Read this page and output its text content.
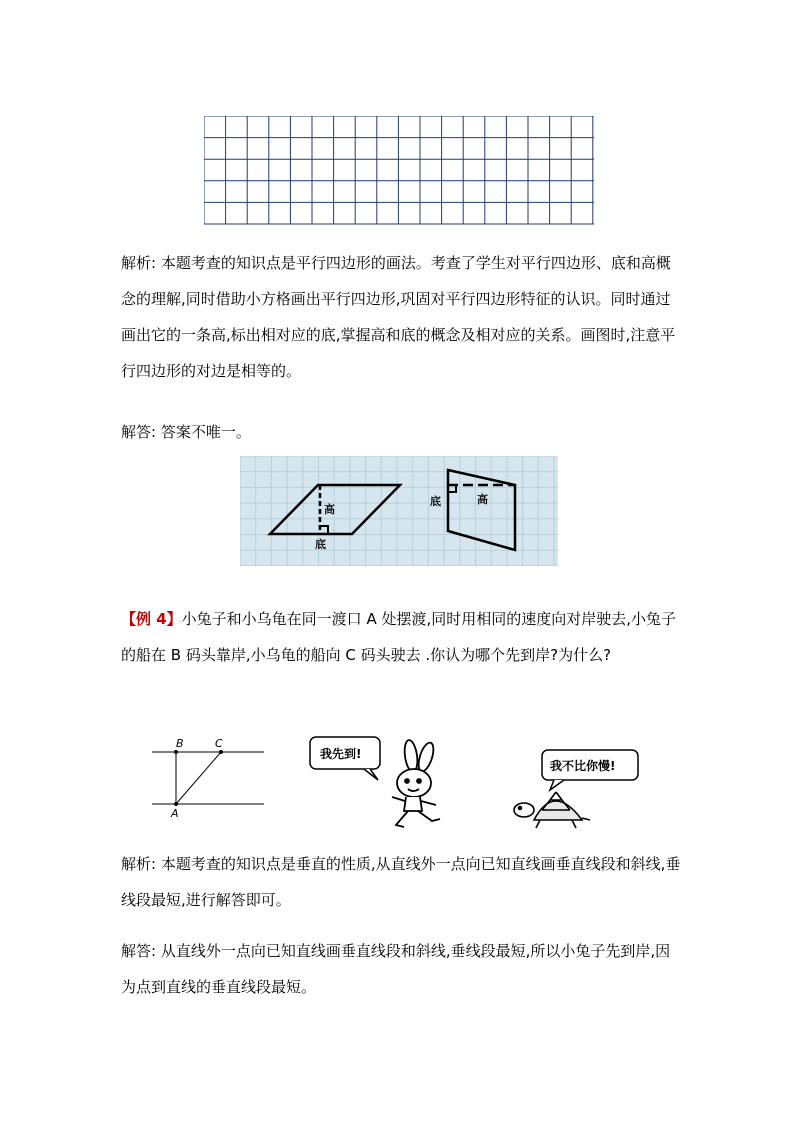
解析: 本题考查的知识点是平行四边形的画法。考查了学生对平行四边形、底和高概念的理解,同时借助小方格画出平行四边形,巩固对平行四边形特征的认识。同时通过画出它的一条高,标出相对应的底,掌握高和底的概念及相对应的关系。画图时,注意平行四边形的对边是相等的。

解答: 答案不唯一。

高
底
底	高

【例 4】小兔子和小乌龟在同一渡口 A 处摆渡,同时用相同的速度向对岸驶去,小兔子的船在 B 码头靠岸,小乌龟的船向 C 码头驶去 .你认为哪个先到岸?为什么?

B	C
A
我先到!
我不比你慢!

解析: 本题考查的知识点是垂直的性质,从直线外一点向已知直线画垂直线段和斜线,垂线段最短,进行解答即可。

解答: 从直线外一点向已知直线画垂直线段和斜线,垂线段最短,所以小兔子先到岸,因为点到直线的垂直线段最短。
